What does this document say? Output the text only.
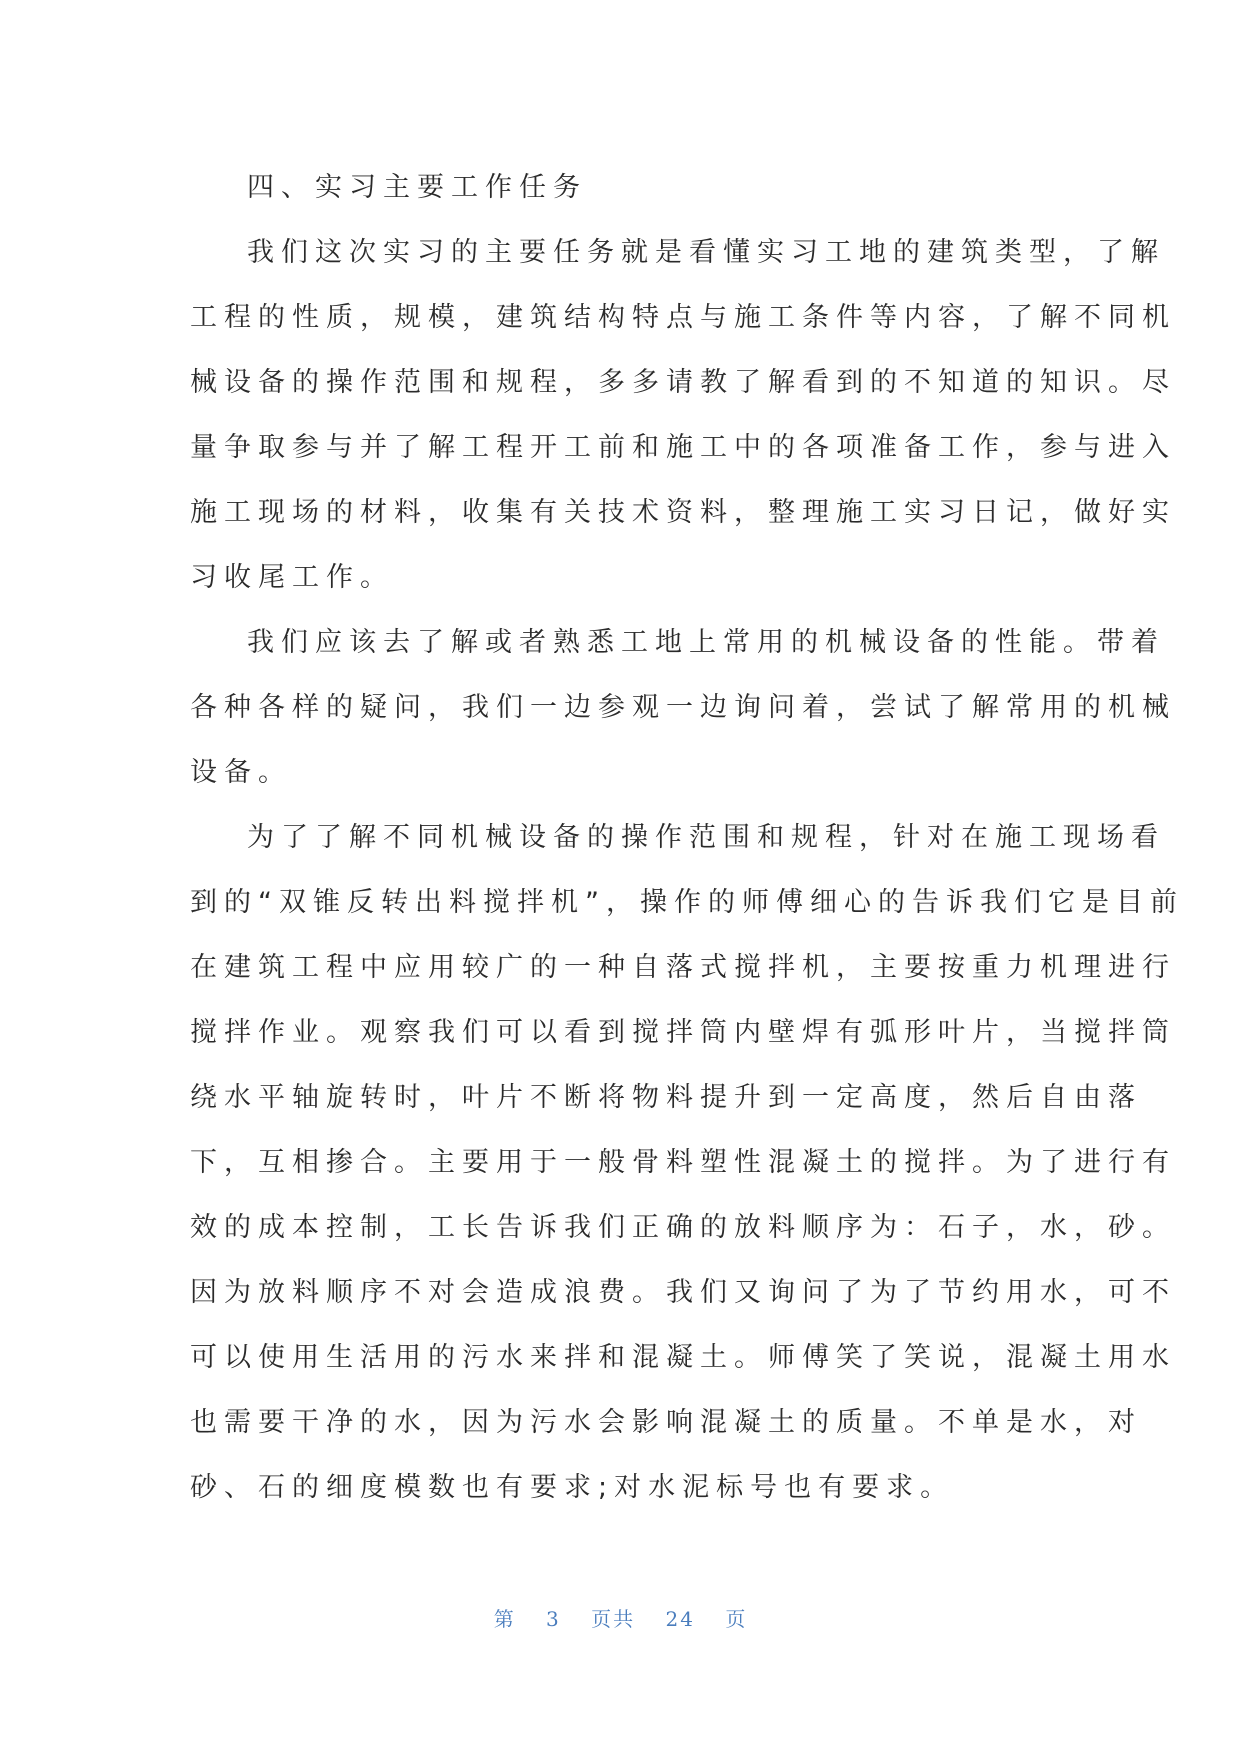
四、实习主要工作任务

我们这次实习的主要任务就是看懂实习工地的建筑类型，了解

工程的性质，规模，建筑结构特点与施工条件等内容，了解不同机

械设备的操作范围和规程，多多请教了解看到的不知道的知识。尽

量争取参与并了解工程开工前和施工中的各项准备工作，参与进入

施工现场的材料，收集有关技术资料，整理施工实习日记，做好实

习收尾工作。

我们应该去了解或者熟悉工地上常用的机械设备的性能。带着

各种各样的疑问，我们一边参观一边询问着，尝试了解常用的机械

设备。

为了了解不同机械设备的操作范围和规程，针对在施工现场看

到的“双锥反转出料搅拌机”，操作的师傅细心的告诉我们它是目前

在建筑工程中应用较广的一种自落式搅拌机，主要按重力机理进行

搅拌作业。观察我们可以看到搅拌筒内壁焊有弧形叶片，当搅拌筒

绕水平轴旋转时，叶片不断将物料提升到一定高度，然后自由落

下，互相掺合。主要用于一般骨料塑性混凝土的搅拌。为了进行有

效的成本控制，工长告诉我们正确的放料顺序为：石子，水，砂。

因为放料顺序不对会造成浪费。我们又询问了为了节约用水，可不

可以使用生活用的污水来拌和混凝土。师傅笑了笑说，混凝土用水

也需要干净的水，因为污水会影响混凝土的质量。不单是水，对

砂、石的细度模数也有要求;对水泥标号也有要求。

第 3 页共 24 页
